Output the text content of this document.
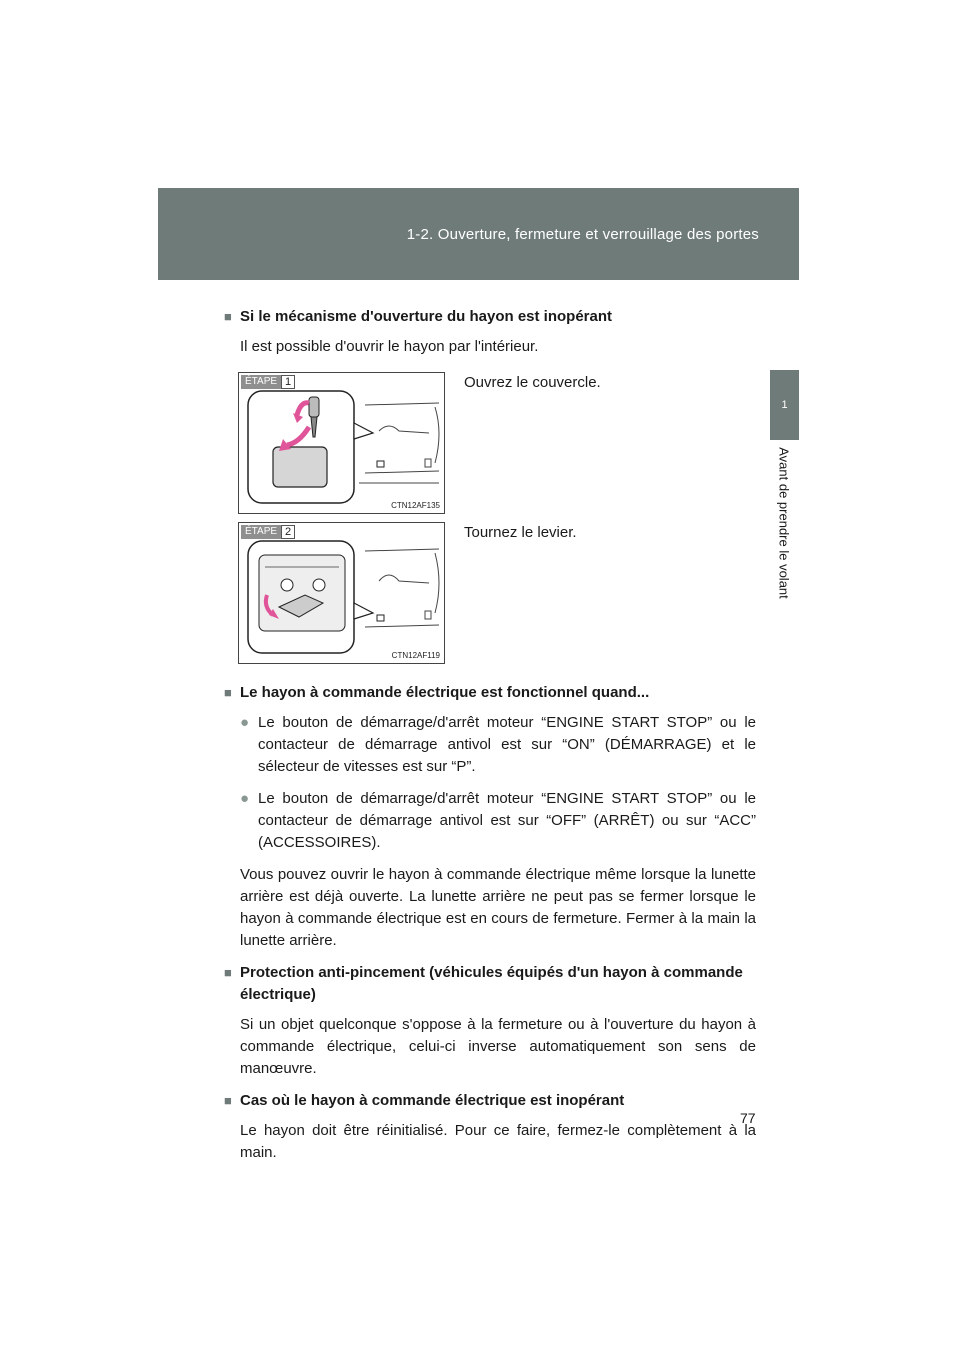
1-2. Ouverture, fermeture et verrouillage des portes
1
Avant de prendre le volant
■ Si le mécanisme d'ouverture du hayon est inopérant
Il est possible d'ouvrir le hayon par l'intérieur.
ÉTAPE 1
CTN12AF135
Ouvrez le couvercle.
ÉTAPE 2
CTN12AF119
Tournez le levier.
■ Le hayon à commande électrique est fonctionnel quand...
● Le bouton de démarrage/d'arrêt moteur “ENGINE START STOP” ou le contacteur de démarrage antivol est sur “ON” (DÉMARRAGE) et le sélecteur de vitesses est sur “P”.
● Le bouton de démarrage/d'arrêt moteur “ENGINE START STOP” ou le contacteur de démarrage antivol est sur “OFF” (ARRÊT) ou sur “ACC” (ACCESSOIRES).
Vous pouvez ouvrir le hayon à commande électrique même lorsque la lunette arrière est déjà ouverte. La lunette arrière ne peut pas se fermer lorsque le hayon à commande électrique est en cours de fermeture. Fermer à la main la lunette arrière.
■ Protection anti-pincement (véhicules équipés d'un hayon à commande électrique)
Si un objet quelconque s'oppose à la fermeture ou à l'ouverture du hayon à commande électrique, celui-ci inverse automatiquement son sens de manœuvre.
■ Cas où le hayon à commande électrique est inopérant
Le hayon doit être réinitialisé. Pour ce faire, fermez-le complètement à la main.
77
